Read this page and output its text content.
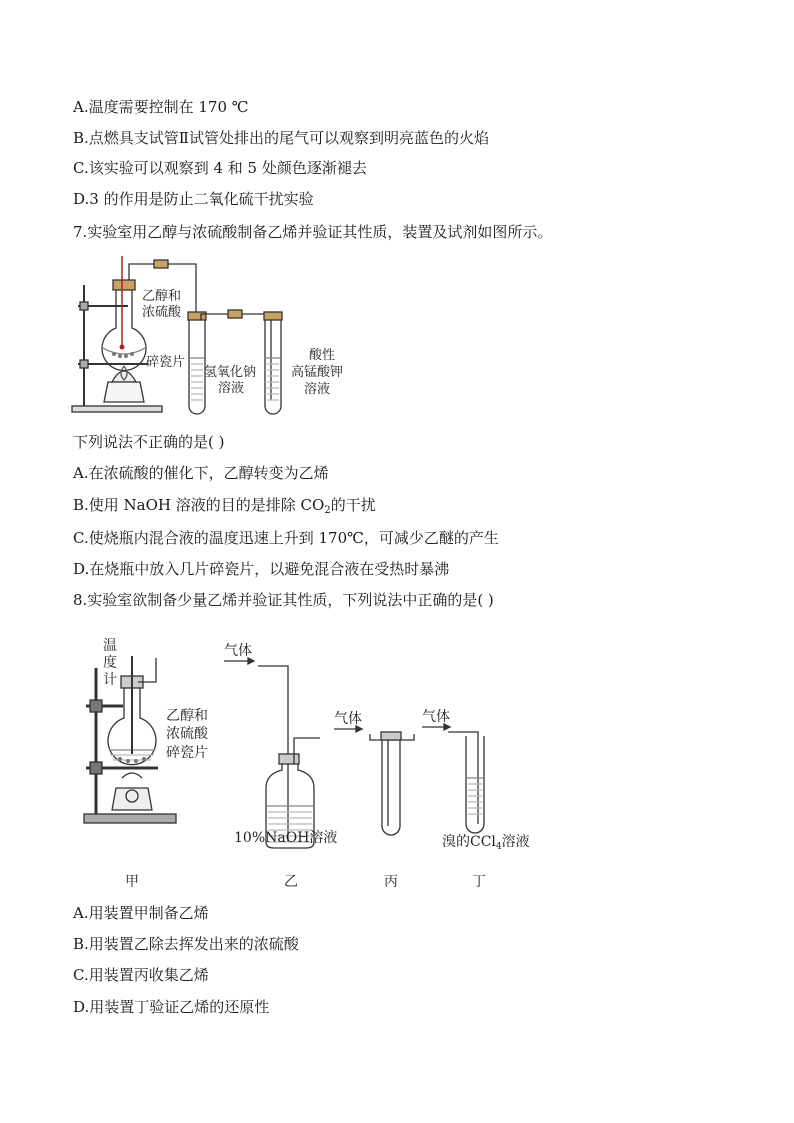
A.温度需要控制在 170 ℃
B.点燃具支试管Ⅱ试管处排出的尾气可以观察到明亮蓝色的火焰
C.该实验可以观察到 4 和 5 处颜色逐渐褪去
D.3 的作用是防止二氧化硫干扰实验
7.实验室用乙醇与浓硫酸制备乙烯并验证其性质，装置及试剂如图所示。
乙醇和
浓硫酸
碎瓷片
氢氧化钠
溶液
酸性
高锰酸钾
溶液
下列说法不正确的是( )
A.在浓硫酸的催化下，乙醇转变为乙烯
B.使用 NaOH 溶液的目的是排除 $CO_2$的干扰
C.使烧瓶内混合液的温度迅速上升到 170℃，可减少乙醚的产生
D.在烧瓶中放入几片碎瓷片，以避免混合液在受热时暴沸
8.实验室欲制备少量乙烯并验证其性质，下列说法中正确的是( )
温
度
计
乙醇和
浓硫酸
碎瓷片
气体
气体	气体
10%NaOH溶液	溴的CCl$_4$溶液
甲	乙	丙	丁
A.用装置甲制备乙烯
B.用装置乙除去挥发出来的浓硫酸
C.用装置丙收集乙烯
D.用装置丁验证乙烯的还原性
